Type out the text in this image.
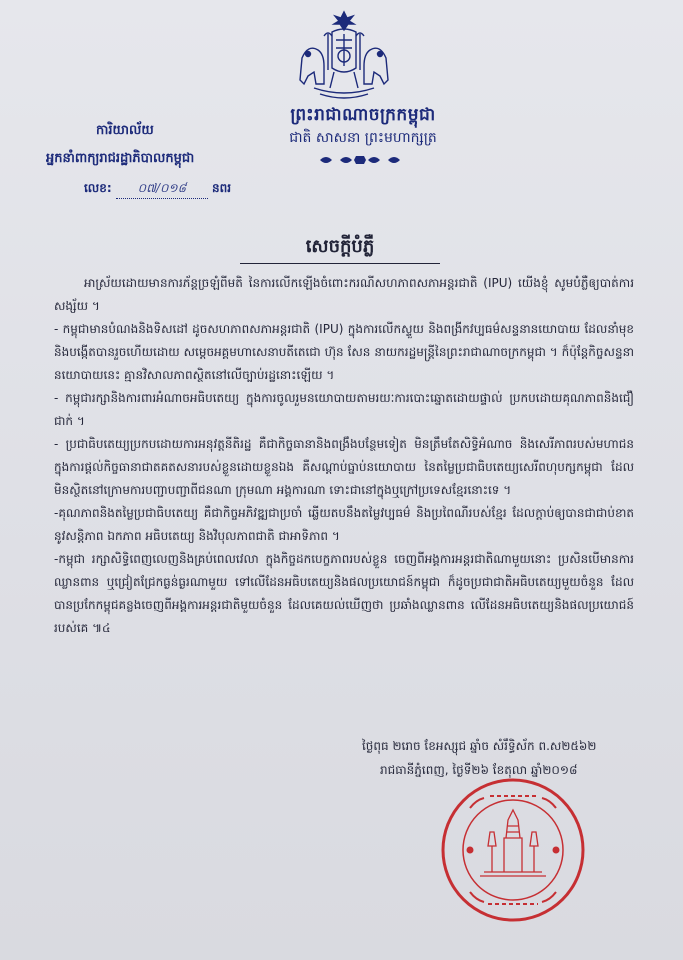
ព្រះរាជាណាចក្រកម្ពុជា
ជាតិ សាសនា ព្រះមហាក្សត្រ
ការិយាល័យ
អ្នកនាំពាក្យរាជរដ្ឋាភិបាលកម្ពុជា
លេខ: ០៧/០១៨ នពរ
សេចក្ដីបំភ្លឺ

អាស្រ័យដោយមានការភ័ន្តច្រឡំពីមតិ នៃការលើកឡើងចំពោះករណីសហភាពសភាអន្តរជាតិ (IPU) យើងខ្ញុំ សូមបំភ្លឺឲ្យបាត់ការសង្ស័យ ។

- កម្ពុជាមានបំណងនិងទិសដៅ ដូចសហភាពសភាអន្តរជាតិ (IPU) ក្នុងការលើកស្ទួយ និងពង្រីកវប្បធម៌សន្ទនានយោបាយ ដែលនាំមុខនិងបង្កើតបានរួចហើយដោយ សម្ដេចអគ្គមហាសេនាបតីតេជោ ហ៊ុន សែន នាយករដ្ឋមន្ត្រីនៃព្រះរាជាណាចក្រកម្ពុជា ។ ក៏ប៉ុន្តែកិច្ចសន្ទនានយោបាយនេះ គ្មានវិសាលភាពស្ថិតនៅលើច្បាប់រដ្ឋនោះឡើយ ។

- កម្ពុជារក្សានិងការពារអំណាចអធិបតេយ្យ ក្នុងការចូលរួមនយោបាយតាមរយៈការបោះឆ្នោតដោយផ្ទាល់ ប្រកបដោយគុណភាពនិងជឿជាក់ ។

- ប្រជាធិបតេយ្យប្រកបដោយការអនុវត្តនីតិរដ្ឋ គឺជាកិច្ចធានានិងពង្រឹងបន្ថែមទៀត មិនត្រឹមតែសិទ្ធិអំណាច និងសេរីភាពរបស់មហាជន ក្នុងការផ្ដល់កិច្ចធានាជាតគតសនារបស់ខ្លួនដោយខ្លួនឯង គឺសណ្ដាប់ធ្នាប់នយោបាយ នៃតម្លៃប្រជាធិបតេយ្យសេរីពហុបក្សកម្ពុជា ដែលមិនស្ថិតនៅក្រោមការបញ្ជាបញ្ជាពីជនណា ក្រុមណា អង្គការណា ទោះជានៅក្នុងឬក្រៅប្រទេសខ្មែរនោះទេ ។

-គុណភាពនិងតម្លៃប្រជាធិបតេយ្យ គឺជាកិច្ចអភិវឌ្ឍជាប្រចាំ ឆ្លើយតបនឹងតម្លៃវប្បធម៌ និងប្រពៃណីរបស់ខ្មែរ ដែលក្ដាប់ឲ្យបានជាជាប់ខាតនូវសន្តិភាព ឯកភាព អធិបតេយ្យ និងវិបុលភាពជាតិ ជាអាទិភាព ។

-កម្ពុជា រក្សាសិទ្ធិពេញលេញនិងគ្រប់ពេលវេលា ក្នុងកិច្ចដកបេក្ខភាពរបស់ខ្លួន ចេញពីអង្គការអន្តរជាតិណាមួយនោះ ប្រសិនបើមានការឈ្លានពាន ឬជ្រៀតជ្រែកធ្ងន់ធ្ងរណាមួយ ទៅលើដែនអធិបតេយ្យនិងផលប្រយោជន៍កម្ពុជា ក៏ដូចប្រជាជាតិអធិបតេយ្យមួយចំនួន ដែលបានប្រកែកម្ពុជគន្លងចេញពីអង្គការអន្តរជាតិមួយចំនួន ដែលគេយល់ឃើញថា ប្រឆាំងឈ្លានពាន លើដែនអធិបតេយ្យនិងផលប្រយោជន៍របស់គេ ៕៤

ថ្ងៃពុធ ២រោច ខែអស្សុជ ឆ្នាំច សំរឹទ្ធិស័ក ព.ស២៥៦២
រាជធានីភ្នំពេញ, ថ្ងៃទី២៦ ខែតុលា ឆ្នាំ២០១៨
